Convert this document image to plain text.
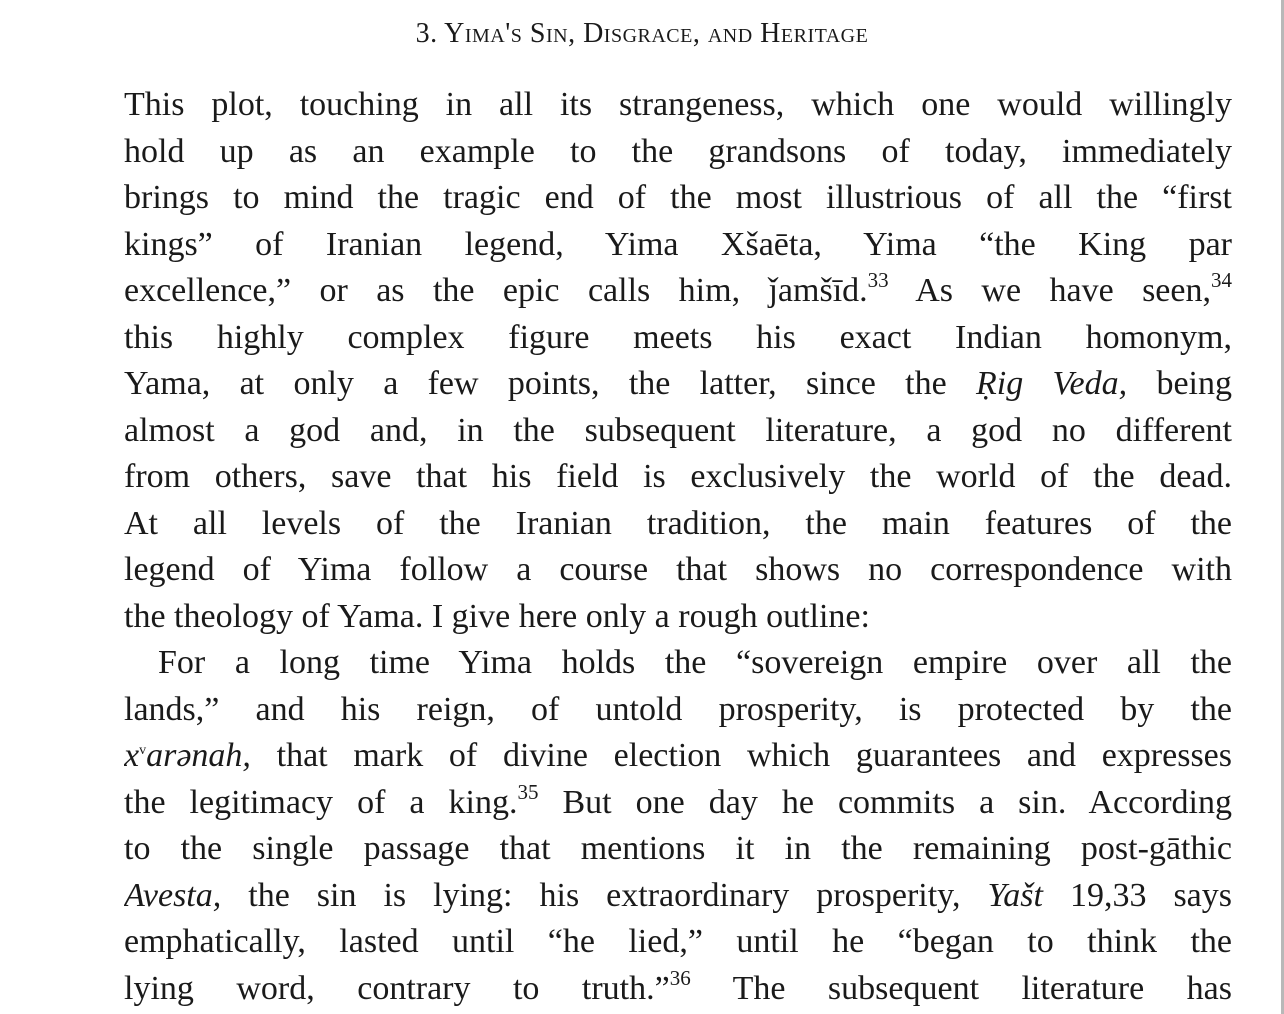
3. Yima's Sin, Disgrace, and Heritage
This plot, touching in all its strangeness, which one would willingly
hold up as an example to the grandsons of today, immediately
brings to mind the tragic end of the most illustrious of all the “first
kings” of Iranian legend, Yima Xšaēta, Yima “the King par
excellence,” or as the epic calls him, ǰamšīd.$^{33}$ As we have seen,$^{34}$
this highly complex figure meets his exact Indian homonym,
Yama, at only a few points, the latter, since the Ṛig Veda, being
almost a god and, in the subsequent literature, a god no different
from others, save that his field is exclusively the world of the dead.
At all levels of the Iranian tradition, the main features of the
legend of Yima follow a course that shows no correspondence with
the theology of Yama. I give here only a rough outline:
For a long time Yima holds the “sovereign empire over all the
lands,” and his reign, of untold prosperity, is protected by the
$x^varənah$, that mark of divine election which guarantees and expresses
the legitimacy of a king.$^{35}$ But one day he commits a sin. According
to the single passage that mentions it in the remaining post-gāthic
Avesta, the sin is lying: his extraordinary prosperity, Yašt 19,33 says
emphatically, lasted until “he lied,” until he “began to think the
lying word, contrary to truth.”$^{36}$ The subsequent literature has
